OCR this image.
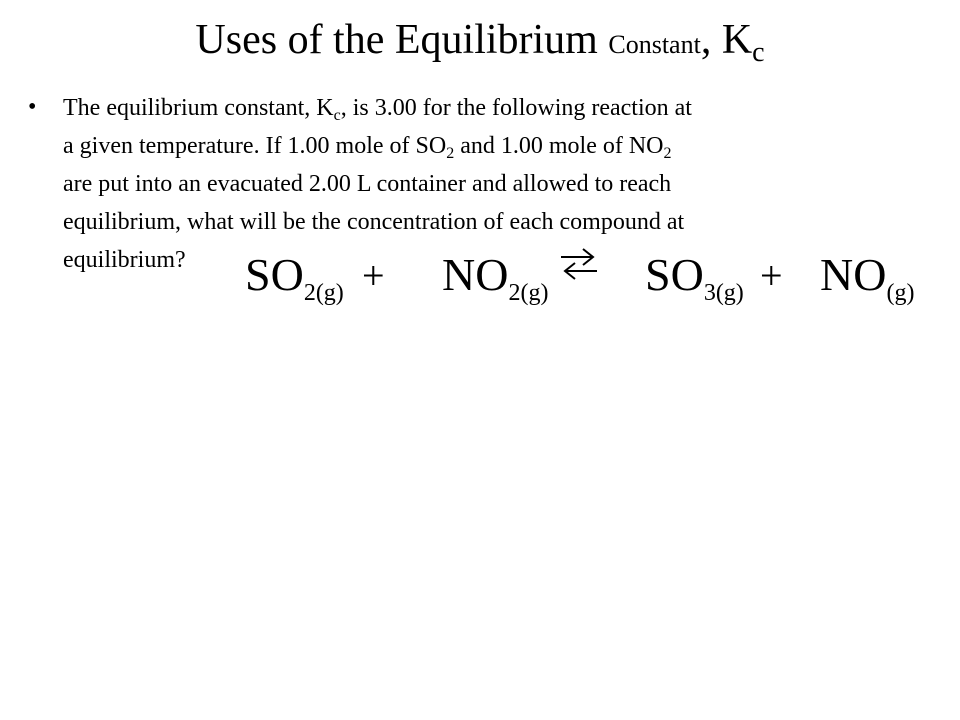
Uses of the Equilibrium Constant, $K_c$
• The equilibrium constant, $K_c$, is 3.00 for the following reaction at
a given temperature. If 1.00 mole of $SO_2$ and 1.00 mole of $NO_2$
are put into an evacuated 2.00 L container and allowed to reach
equilibrium, what will be the concentration of each compound at
equilibrium?	$SO_{2(g)} + NO_{2(g)}$ $SO_{3(g)} + NO_{(g)}$
